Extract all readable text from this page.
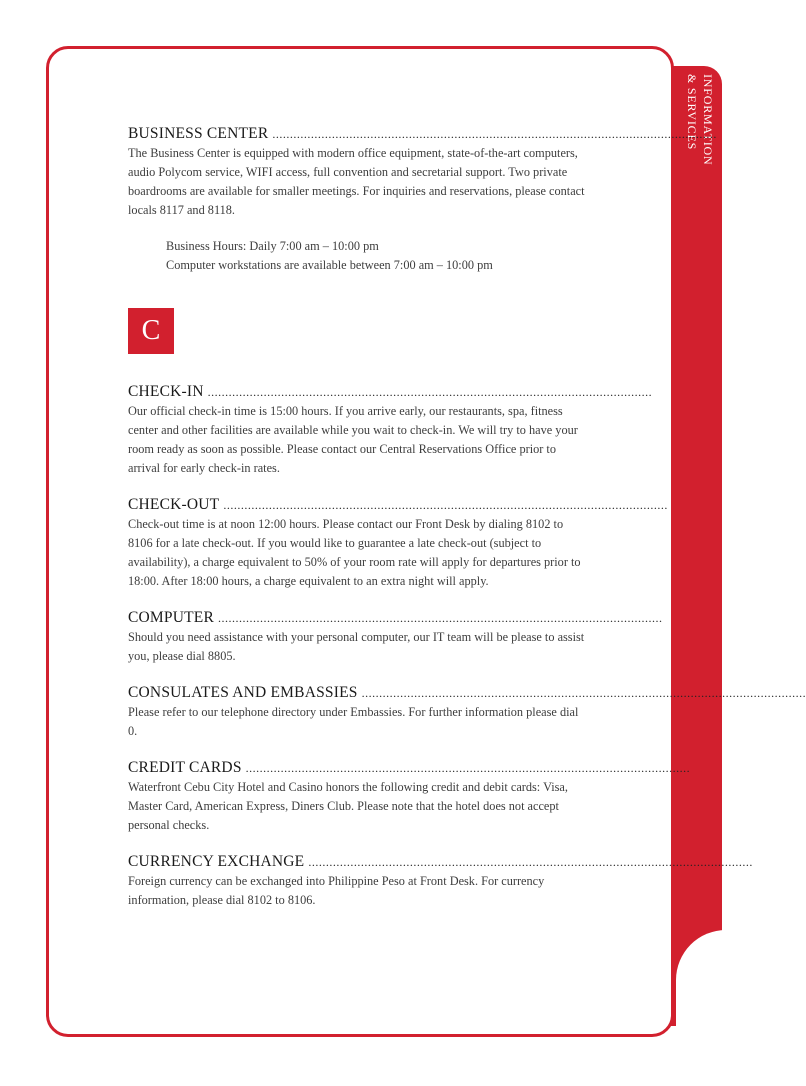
INFORMATION
& SERVICES
BUSINESS CENTER ...............................................................................................................................

The Business Center is equipped with modern office equipment, state-of-the-art computers, audio Polycom service, WIFI access, full convention and secretarial support. Two private boardrooms are available for smaller meetings. For inquiries and reservations, please contact locals 8117 and 8118.

Business Hours: Daily 7:00 am – 10:00 pm

Computer workstations are available between 7:00 am – 10:00 pm

C
CHECK-IN ...............................................................................................................................

Our official check-in time is 15:00 hours. If you arrive early, our restaurants, spa, fitness center and other facilities are available while you wait to check-in. We will try to have your room ready as soon as possible. Please contact our Central Reservations Office prior to arrival for early check-in rates.

CHECK-OUT ...............................................................................................................................

Check-out time is at noon 12:00 hours. Please contact our Front Desk by dialing 8102 to 8106 for a late check-out. If you would like to guarantee a late check-out (subject to availability), a charge equivalent to 50% of your room rate will apply for departures prior to 18:00. After 18:00 hours, a charge equivalent to an extra night will apply.

COMPUTER ...............................................................................................................................

Should you need assistance with your personal computer, our IT team will be please to assist you, please dial 8805.

CONSULATES AND EMBASSIES ...............................................................................................................................

Please refer to our telephone directory under Embassies. For further information please dial 0.

CREDIT CARDS ...............................................................................................................................

Waterfront Cebu City Hotel and Casino honors the following credit and debit cards: Visa, Master Card, American Express, Diners Club. Please note that the hotel does not accept personal checks.

CURRENCY EXCHANGE ...............................................................................................................................

Foreign currency can be exchanged into Philippine Peso at Front Desk. For currency information, please dial 8102 to 8106.
